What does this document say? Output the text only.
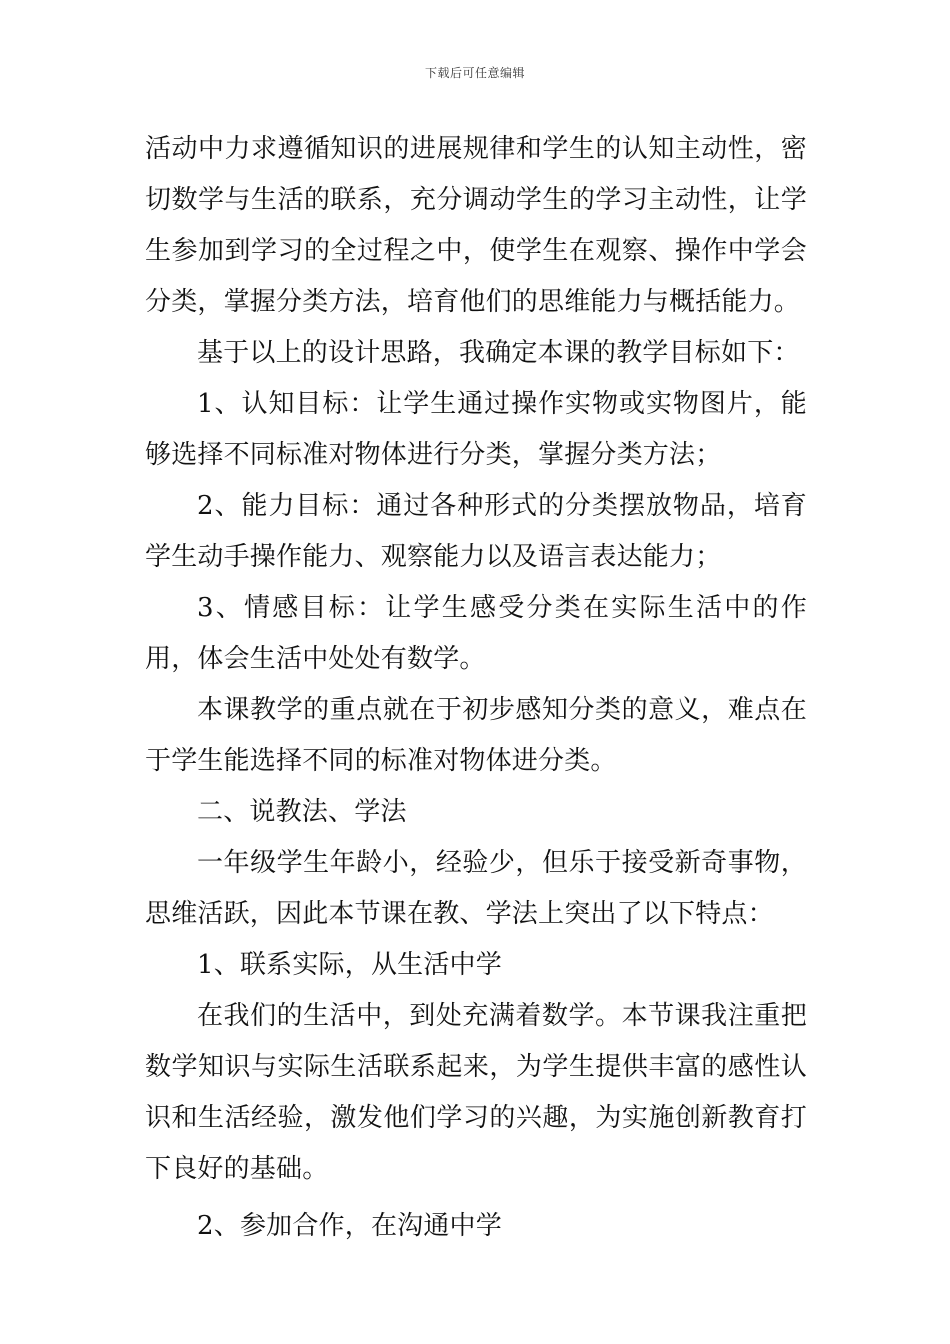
下载后可任意编辑

活动中力求遵循知识的进展规律和学生的认知主动性，密切数学与生活的联系，充分调动学生的学习主动性，让学生参加到学习的全过程之中，使学生在观察、操作中学会分类，掌握分类方法，培育他们的思维能力与概括能力。

基于以上的设计思路，我确定本课的教学目标如下：

1、认知目标：让学生通过操作实物或实物图片，能够选择不同标准对物体进行分类，掌握分类方法；

2、能力目标：通过各种形式的分类摆放物品，培育学生动手操作能力、观察能力以及语言表达能力；

3、情感目标：让学生感受分类在实际生活中的作用，体会生活中处处有数学。

本课教学的重点就在于初步感知分类的意义，难点在于学生能选择不同的标准对物体进分类。

二、说教法、学法

一年级学生年龄小，经验少，但乐于接受新奇事物，思维活跃，因此本节课在教、学法上突出了以下特点：

1、联系实际，从生活中学

在我们的生活中，到处充满着数学。本节课我注重把数学知识与实际生活联系起来，为学生提供丰富的感性认识和生活经验，激发他们学习的兴趣，为实施创新教育打下良好的基础。

2、参加合作，在沟通中学
